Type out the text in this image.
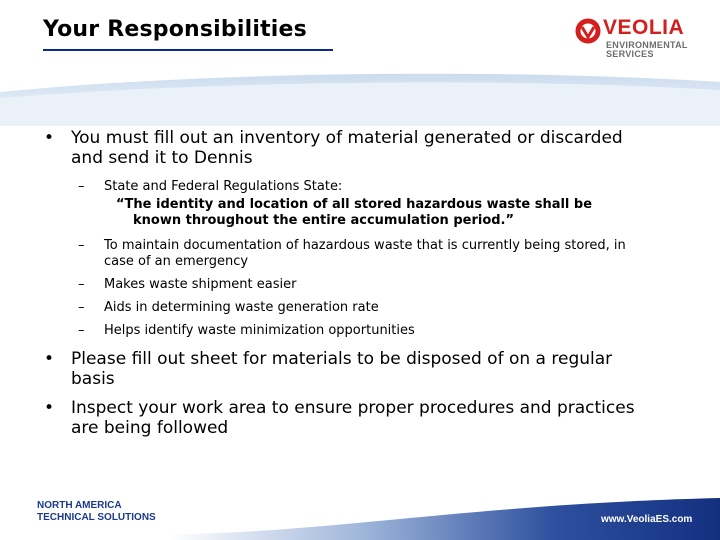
Your Responsibilities	VEOLIA
ENVIRONMENTAL
SERVICES
• You must fill out an inventory of material generated or discarded
and send it to Dennis
– State and Federal Regulations State:
“The identity and location of all stored hazardous waste shall be
known throughout the entire accumulation period.”
– To maintain documentation of hazardous waste that is currently being stored, in
case of an emergency
– Makes waste shipment easier
– Aids in determining waste generation rate
– Helps identify waste minimization opportunities
• Please fill out sheet for materials to be disposed of on a regular
basis
• Inspect your work area to ensure proper procedures and practices
are being followed
NORTH AMERICA
TECHNICAL SOLUTIONS	www.VeoliaES.com
